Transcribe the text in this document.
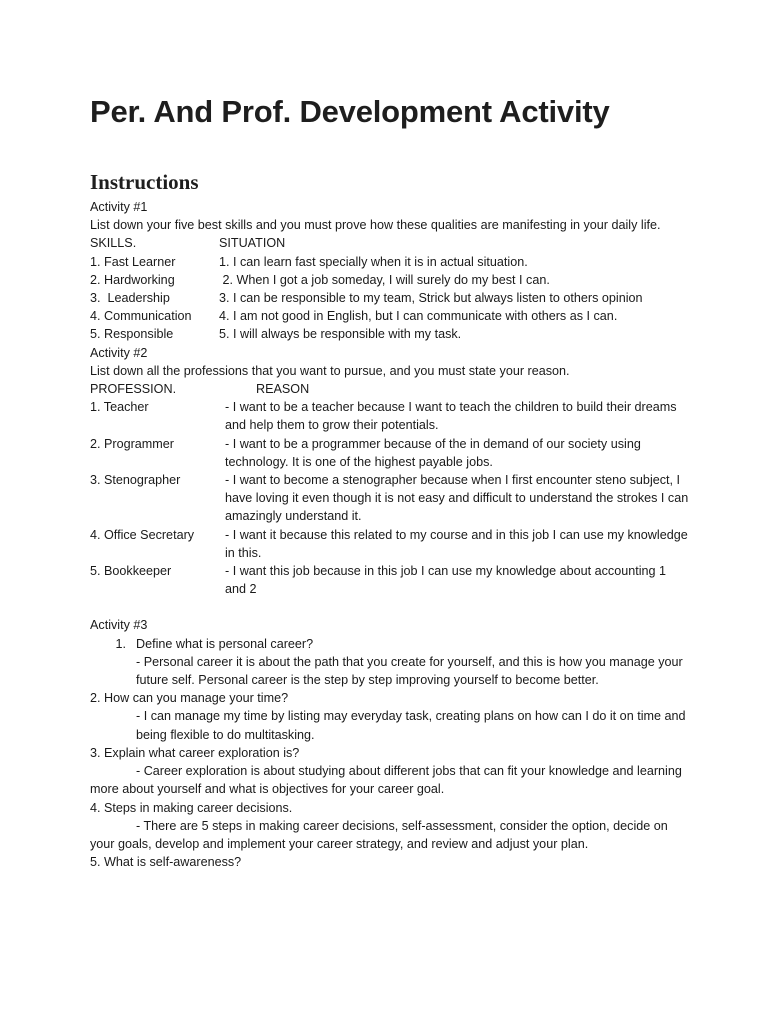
Per. And Prof. Development Activity
Instructions
Activity #1
List down your five best skills and you must prove how these qualities are manifesting in your daily life.
SKILLS.	SITUATION
1. Fast Learner	1. I can learn fast specially when it is in actual situation.
2. Hardworking	2. When I got a job someday, I will surely do my best I can.
3.  Leadership	3. I can be responsible to my team, Strick but always listen to others opinion
4. Communication	4. I am not good in English, but I can communicate with others as I can.
5. Responsible	5. I will always be responsible with my task.
Activity #2
List down all the professions that you want to pursue, and you must state your reason.
PROFESSION.	REASON
1. Teacher	- I want to be a teacher because I want to teach the children to build their dreams and help them to grow their potentials.
2. Programmer	- I want to be a programmer because of the in demand of our society using technology. It is one of the highest payable jobs.
3. Stenographer	- I want to become a stenographer because when I first encounter steno subject, I have loving it even though it is not easy and difficult to understand the strokes I can amazingly understand it.
4. Office Secretary	- I want it because this related to my course and in this job I can use my knowledge in this.
5. Bookkeeper	- I want this job because in this job I can use my knowledge about accounting 1 and 2
Activity #3
1. Define what is personal career?
- Personal career it is about the path that you create for yourself, and this is how you manage your future self. Personal career is the step by step improving yourself to become better.
2. How can you manage your time?
- I can manage my time by listing may everyday task, creating plans on how can I do it on time and being flexible to do multitasking.
3. Explain what career exploration is?
- Career exploration is about studying about different jobs that can fit your knowledge and learning more about yourself and what is objectives for your career goal.
4. Steps in making career decisions.
- There are 5 steps in making career decisions, self-assessment, consider the option, decide on your goals, develop and implement your career strategy, and review and adjust your plan.
5. What is self-awareness?
